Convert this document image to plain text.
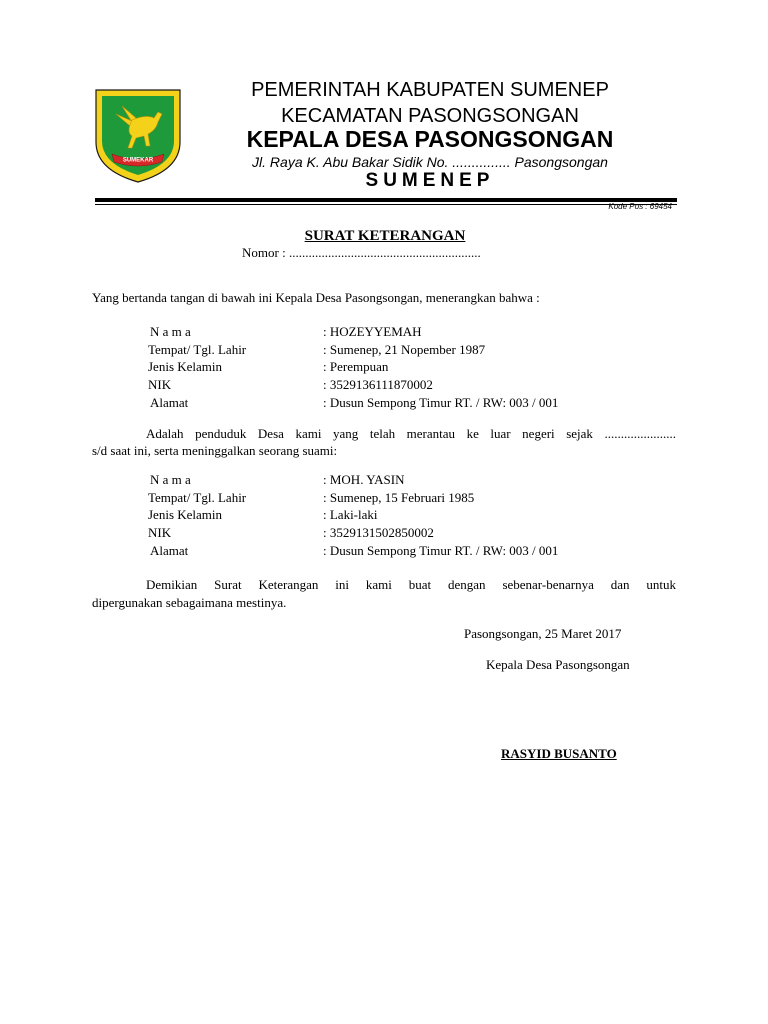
SUMEKAR
PEMERINTAH KABUPATEN SUMENEP
KECAMATAN PASONGSONGAN
KEPALA DESA PASONGSONGAN
Jl. Raya K. Abu Bakar Sidik No. ............... Pasongsongan
SUMENEP
Kode Pos : 69454
SURAT KETERANGAN
Nomor : ...........................................................
Yang bertanda tangan di bawah ini Kepala Desa Pasongsongan, menerangkan bahwa :
N a m a	: HOZEYYEMAH
Tempat/ Tgl. Lahir	: Sumenep, 21 Nopember 1987
Jenis Kelamin	: Perempuan
NIK	: 3529136111870002
Alamat	: Dusun Sempong Timur RT. / RW: 003 / 001
Adalah penduduk Desa kami yang telah merantau ke luar negeri sejak ......................
s/d saat ini, serta meninggalkan seorang suami:
N a m a	: MOH. YASIN
Tempat/ Tgl. Lahir	: Sumenep, 15 Februari 1985
Jenis Kelamin	: Laki-laki
NIK	: 3529131502850002
Alamat	: Dusun Sempong Timur RT. / RW: 003 / 001
Demikian Surat Keterangan ini kami buat dengan sebenar-benarnya dan untuk
dipergunakan sebagaimana mestinya.
Pasongsongan, 25 Maret 2017
Kepala Desa Pasongsongan
RASYID BUSANTO
